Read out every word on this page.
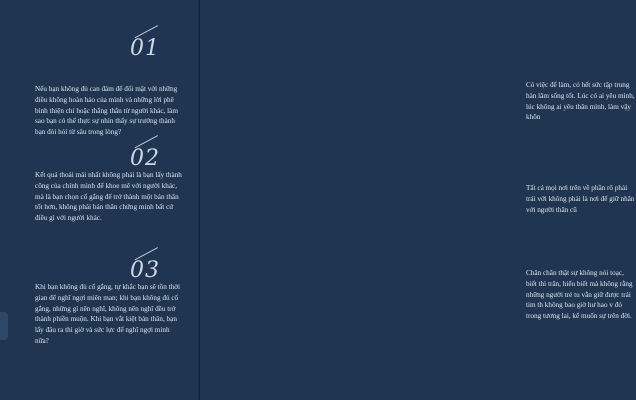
01

Nếu bạn không đủ can đảm để đối mặt với những điều không hoàn hảo của mình và những lời phê bình thiện chí hoặc thẳng thắn từ người khác, làm sao bạn có thể thực sự nhìn thấy sự trưởng thành bạn đòi hỏi từ sâu trong lòng?

02

Kết quả thoải mái nhất không phải là bạn lấy thành công của chính mình để khoe mẽ với người khác, mà là bạn chọn cố gắng để trở thành một bản thân tốt hơn, không phải bản thân chứng minh bất cứ điều gì với người khác.

03

Khi bạn không đủ cố gắng, tự khắc bạn sẽ tồn thời gian để nghĩ ngợi miên man; khi bạn không đủ cố gắng, những gì nên nghĩ, không nên nghĩ đều trở thành phiền muộn. Khi bạn vắt kiệt bản thân, bạn lấy đâu ra thì giờ và sức lực để nghĩ ngợi minh nữa?

Có việc để làm, có hết sức tập trung hàn lâm sống tốt. Lúc có ai yêu mình, lúc không ai yêu thân mình, làm vậy khôn

Tất cả mọi nơi trên về phần rõ phải trái với không phải là nơi để giữ nhân với người thân cũ

Chân chân thật sự không nói toạc, biết thì trân, hiểu biết mà không rằng những người trẻ tu vẫn giữ được trái tim th không bao giờ hư hao v đó trong tương lai, kể muốn sự trên đời.
